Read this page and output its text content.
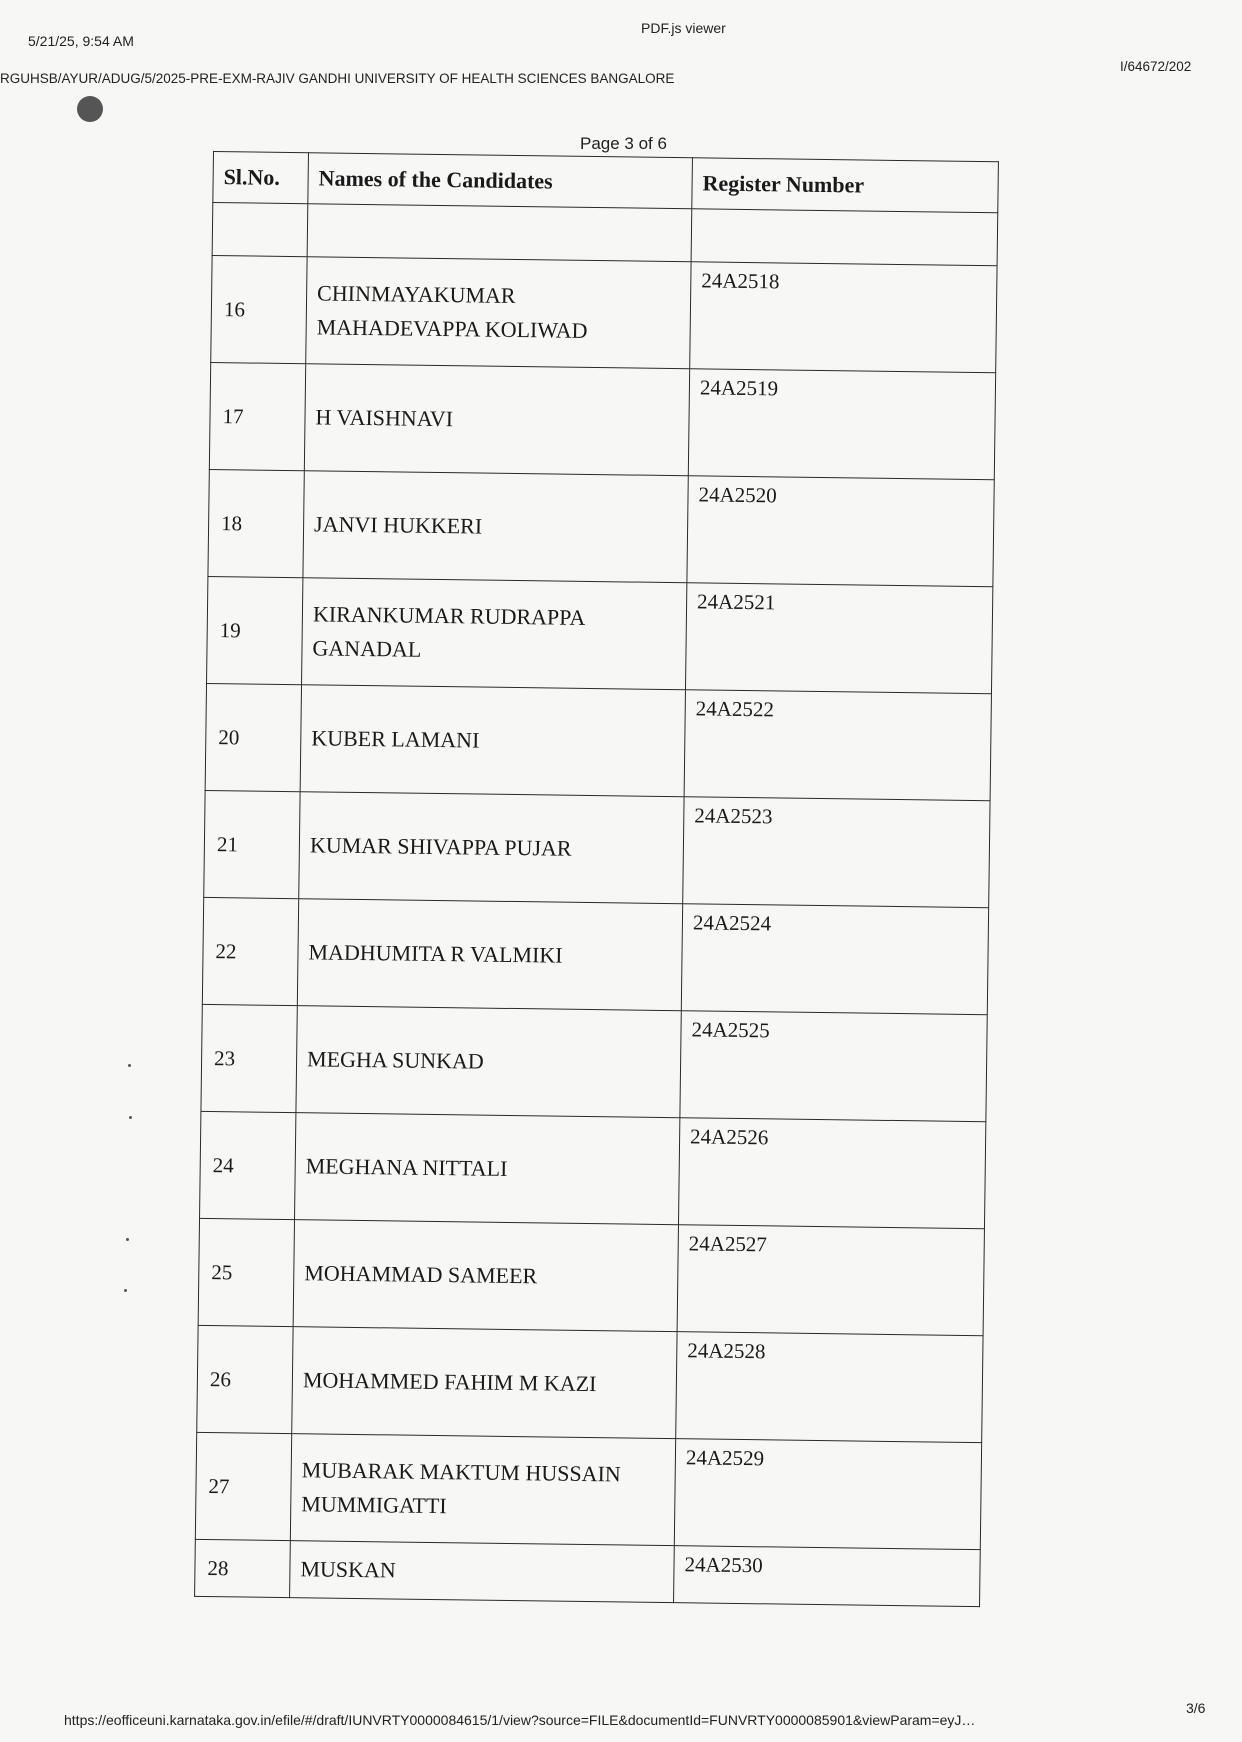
5/21/25, 9:54 AM
PDF.js viewer
RGUHSB/AYUR/ADUG/5/2025-PRE-EXM-RAJIV GANDHI UNIVERSITY OF HEALTH SCIENCES BANGALORE
I/64672/202
Page 3 of 6
Sl.No.	Names of the Candidates	Register Number

16	CHINMAYAKUMAR MAHADEVAPPA KOLIWAD	24A2518
17	H VAISHNAVI	24A2519
18	JANVI HUKKERI	24A2520
19	KIRANKUMAR RUDRAPPA GANADAL	24A2521
20	KUBER LAMANI	24A2522
21	KUMAR SHIVAPPA PUJAR	24A2523
22	MADHUMITA R VALMIKI	24A2524
23	MEGHA SUNKAD	24A2525
24	MEGHANA NITTALI	24A2526
25	MOHAMMAD SAMEER	24A2527
26	MOHAMMED FAHIM M KAZI	24A2528
27	MUBARAK MAKTUM HUSSAIN MUMMIGATTI	24A2529
28	MUSKAN	24A2530
https://eofficeuni.karnataka.gov.in/efile/#/draft/IUNVRTY0000084615/1/view?source=FILE&documentId=FUNVRTY0000085901&viewParam=eyJ…
3/6
